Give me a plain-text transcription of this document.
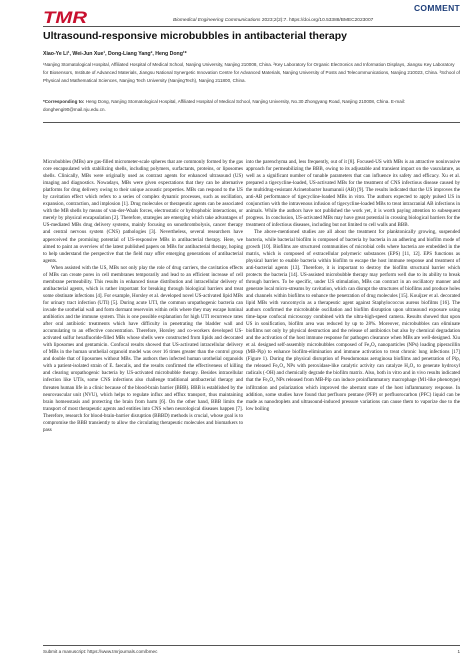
TMR	COMMENT
Biomedical Engineering Communications 2023;2(2):7. https://doi.org/10.53388/BMEC2023007
Ultrasound-responsive microbubbles in antibacterial therapy
Xiao-Ye Li¹, Wei-Jun Xue¹, Dong-Liang Yang², Heng Dong¹*
¹Nanjing Stomatological Hospital, Affiliated Hospital of Medical School, Nanjing University, Nanjing 210008, China. ²Key Laboratory for Organic Electronics and Information Displays, Jiangsu Key Laboratory for Biosensors, Institute of Advanced Materials, Jiangsu National Synergetic Innovation Centre for Advanced Materials, Nanjing University of Posts and Telecommunications, Nanjing 210023, China. ³School of Physical and Mathematical Sciences, Nanjing Tech University (NanjingTech), Nanjing 211800, China.
*Corresponding to: Heng Dong, Nanjing Stomatological Hospital, Affiliated Hospital of Medical School, Nanjing University, No.30 Zhongyang Road, Nanjing 210008, China. E-mail: donghengi90@mail.nju.edu.cn.

Microbubbles (MBs) are gas-filled micrometer-scale spheres that are commonly formed by the gas core encapsulated with stabilizing shells, including polymers, surfactants, proteins, or liposomes shells. Clinically, MBs were originally used as contrast agents for enhanced ultrasound (US) imaging and diagnostics. Nowadays, MBs were given expectations that they can be alternative platforms for drug delivery owing to their unique acoustic properties. MBs can respond to the US by cavitation effect which refers to a series of complex dynamic processes, such as oscillation, expansion, contraction, and implosion [1]. Drug molecules or therapeutic agents can be associated with the MB shells by means of van-der-Waals forces, electrostatic or hydrophobic interactions, or merely by physical encapsulation [2]. Therefore, strategies are emerging which take advantages of US-mediated MBs drug delivery systems, mainly focusing on sonothrombolysis, cancer therapy and central nervous system (CNS) pathologies [3]. Nevertheless, several researchers have apperceived the promising potential of US-responsive MBs in antibacterial therapy. Here, we aimed to paint an overview of the latest published papers on MBs for antibacterial therapy, hoping to help understand the perspective that the field may offer emerging generations of antibacterial agents.

When assisted with the US, MBs not only play the role of drug carriers, the cavitation effects of MBs can create pores in cell membranes temporarily and lead to an efficient increase of cell membrane permeability. This results in enhanced tissue distribution and intracellular delivery of antibacterial agents, which is rather important for breaking through biological barriers and treat some obstinate infections [4]. For example, Horsley et al. developed novel US-activated lipid MBs for urinary tract infection (UTI) [5]. During acute UTI, the common uropathogenic bacteria can invade the urothelial wall and form dormant reservoirs within cells where they may escape luminal antibiotics and the immune system. This is one possible explanation for high UTI recurrence rates after oral antibiotic treatments which have difficulty in penetrating the bladder wall and accumulating to an effective concentration. Therefore, Horsley and co-workers developed US-activated sulfur hexafluoride-filled MBs whose shells were constructed from lipids and decorated with liposomes and gentamicin. Confocal results showed that US-activated intracellular delivery of MBs in the human urothelial organoid model was over 16 times greater than the control group and double that of liposomes without MBs. The authors then infected human urothelial organoids with a patient-isolated strain of E. faecalis, and the results confirmed the effectiveness of killing and clearing uropathogenic bacteria by US-activated microbubble therapy. Besides intracellular infection like UTIs, some CNS infections also challenge traditional antibacterial therapy and threaten human life in a clinic because of the blood-brain barrier (BBB). BBB is established by the neurovascular unit (NVU), which helps to regulate influx and efflux transport, thus maintaining brain homeostasis and protecting the brain from harm [6]. On the other hand, BBB limits the transport of most therapeutic agents and entities into CNS when neurological diseases happen [7]. Therefore, research for blood-brain-barrier disruption (BBBD) methods is crucial, whose goal is to compromise the BBB transiently to allow the circulating therapeutic molecules and biomarkers to pass

into the parenchyma and, less frequently, out of it [8]. Focused-US with MBs is an attractive noninvasive approach for permeabilizing the BBB, owing to its adjustable and transient impact on the vasculature, as well as a significant number of tunable parameters that can influence its safety and efficacy. Xu et al. prepared a tigecycline-loaded, US-activated MBs for the treatment of CNS infectious disease caused by the multidrug-resistant Acinetobacter baumannii (AB) [9]. The results indicated that the US improves the anti-AB performance of tigecycline-loaded MBs in vitro. The authors expected to apply pulsed US in conjunction with the intravenous infusion of tigecycline-loaded MBs to treat intracranial AB infections in animals. While the authors have not published the work yet, it is worth paying attention to subsequent progress. In conclusion, US-activated MBs may have great potential in crossing biological barriers for the treatment of infectious diseases, including but not limited to cell walls and BBB.

The above-mentioned studies are all about the treatment for planktonically growing, suspended bacteria, while bacterial biofilm is composed of bacteria by bacteria in an adhering and biofilm mode of growth [10]. Biofilms are structured communities of microbial cells where bacteria are embedded in the matrix, which is composed of extracellular polymeric substances (EPS) [11, 12]. EPS functions as physical barrier to enable bacteria within biofilm to escape the host immune response and treatment of anti-bacterial agents [13]. Therefore, it is important to destroy the biofilm structural barrier which protects the bacteria [14]. US-assisted microbubble therapy may perform well due to its ability to break through barriers. To be specific, under US stimulation, MBs can contract in an oscillatory manner and generate local micro-streams by cavitation, which can disrupt the structures of biofilms and produce holes and channels within biofilms to enhance the penetration of drug molecules [15]. Kouijzer et al. decorated lipid MBs with vancomycin as a therapeutic agent against Staphylococcus aureus biofilms [16]. The authors confirmed the microbubble oscillation and biofilm disruption upon ultrasound exposure using time-lapse confocal microscopy combined with the ultra-high-speed camera. Results showed that upon US in sonification, biofilm area was reduced by up to 28%. Moreover, microbubbles can eliminate biofilms not only by physical destruction and the release of antibiotics but also by chemical degradation and the activation of the host immune response for pathogen clearance when MBs are well-designed. Xiu et al. designed self-assembly microbubbles composed of Fe₃O₄ nanoparticles (NPs) loading piperacillin (MB-Pip) to enhance biofilm-elimination and immune activation to treat chronic lung infections [17] (Figure 1). During the physical disruption of Pseudomonas aeruginosa biofilms and penetration of Pip, the released Fe₃O₄ NPs with peroxidase-like catalytic activity can catalyze H₂O₂ to generate hydroxyl radicals (·OH) and chemically degrade the biofilm matrix. Also, both in vitro and in vivo results indicated that the Fe₃O₄ NPs released from MB-Pip can induce proinflammatory macrophage (M1-like phenotype) infiltration and polarization which improved the aberrant state of the host inflammatory response. In addition, some studies have found that perfluoro pentane (PFP) or perfluorocarbon (PFC) liquid can be made as nanodroplets and ultrasound-induced pressure variations can cause them to vaporize due to the low boiling

Submit a manuscript: https://www.tmrjournals.com/bmec	1
